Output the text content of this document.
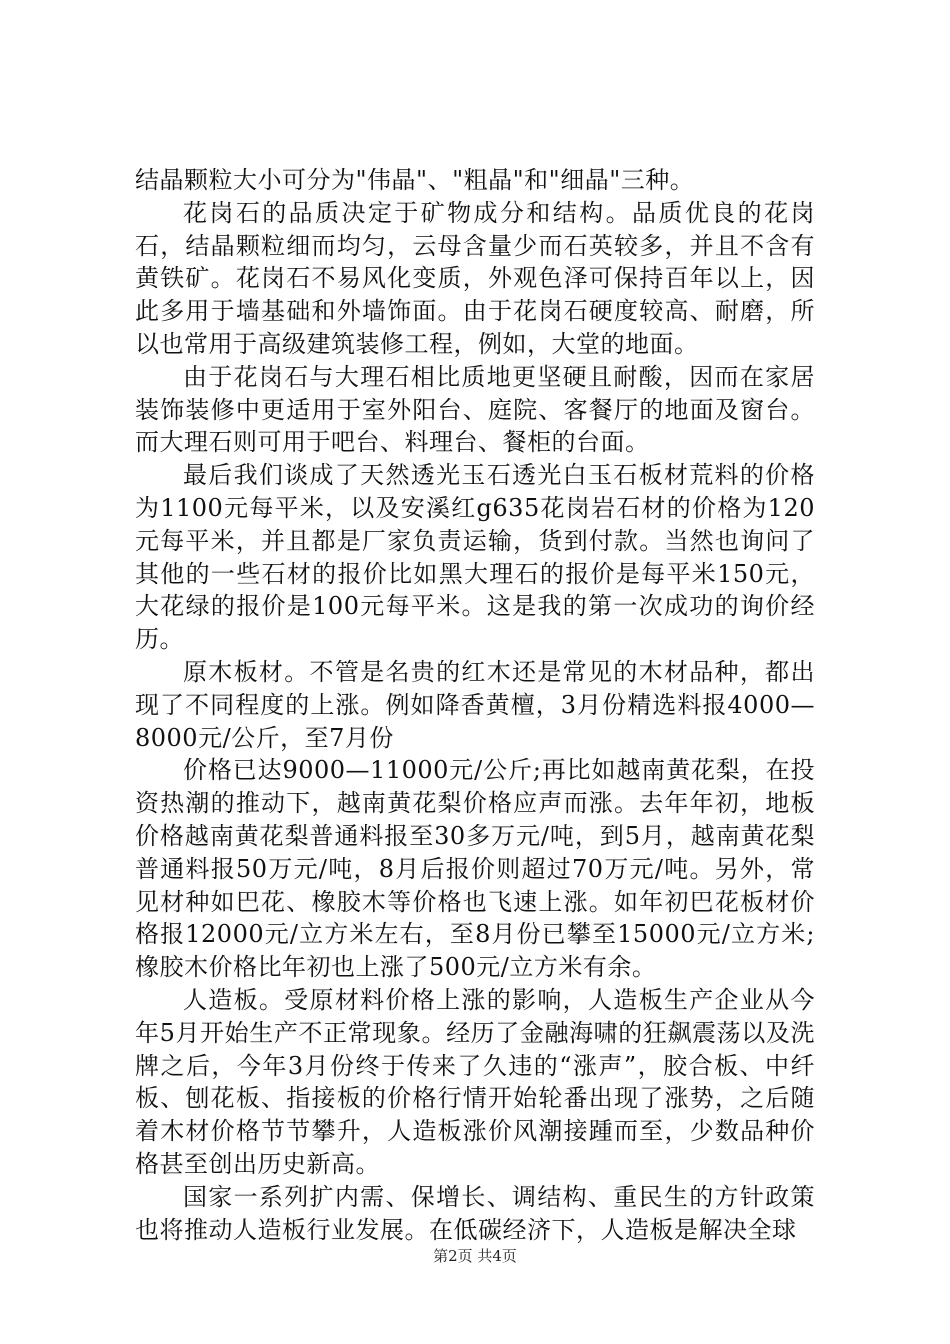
结晶颗粒大小可分为"伟晶"、"粗晶"和"细晶"三种。

花岗石的品质决定于矿物成分和结构。品质优良的花岗石，结晶颗粒细而均匀，云母含量少而石英较多，并且不含有黄铁矿。花岗石不易风化变质，外观色泽可保持百年以上，因此多用于墙基础和外墙饰面。由于花岗石硬度较高、耐磨，所以也常用于高级建筑装修工程，例如，大堂的地面。

由于花岗石与大理石相比质地更坚硬且耐酸，因而在家居装饰装修中更适用于室外阳台、庭院、客餐厅的地面及窗台。而大理石则可用于吧台、料理台、餐柜的台面。

最后我们谈成了天然透光玉石透光白玉石板材荒料的价格为1100元每平米，以及安溪红g635花岗岩石材的价格为120元每平米，并且都是厂家负责运输，货到付款。当然也询问了其他的一些石材的报价比如黑大理石的报价是每平米150元，大花绿的报价是100元每平米。这是我的第一次成功的询价经历。

原木板材。不管是名贵的红木还是常见的木材品种，都出现了不同程度的上涨。例如降香黄檀，3月份精选料报4000—8000元/公斤，至7月份

价格已达9000—11000元/公斤;再比如越南黄花梨，在投资热潮的推动下，越南黄花梨价格应声而涨。去年年初，地板价格越南黄花梨普通料报至30多万元/吨，到5月，越南黄花梨普通料报50万元/吨，8月后报价则超过70万元/吨。另外，常见材种如巴花、橡胶木等价格也飞速上涨。如年初巴花板材价格报12000元/立方米左右，至8月份已攀至15000元/立方米;橡胶木价格比年初也上涨了500元/立方米有余。

人造板。受原材料价格上涨的影响，人造板生产企业从今年5月开始生产不正常现象。经历了金融海啸的狂飙震荡以及洗牌之后，今年3月份终于传来了久违的“涨声”，胶合板、中纤板、刨花板、指接板的价格行情开始轮番出现了涨势，之后随着木材价格节节攀升，人造板涨价风潮接踵而至，少数品种价格甚至创出历史新高。

国家一系列扩内需、保增长、调结构、重民生的方针政策也将推动人造板行业发展。在低碳经济下，人造板是解决全球

第2页 共4页
